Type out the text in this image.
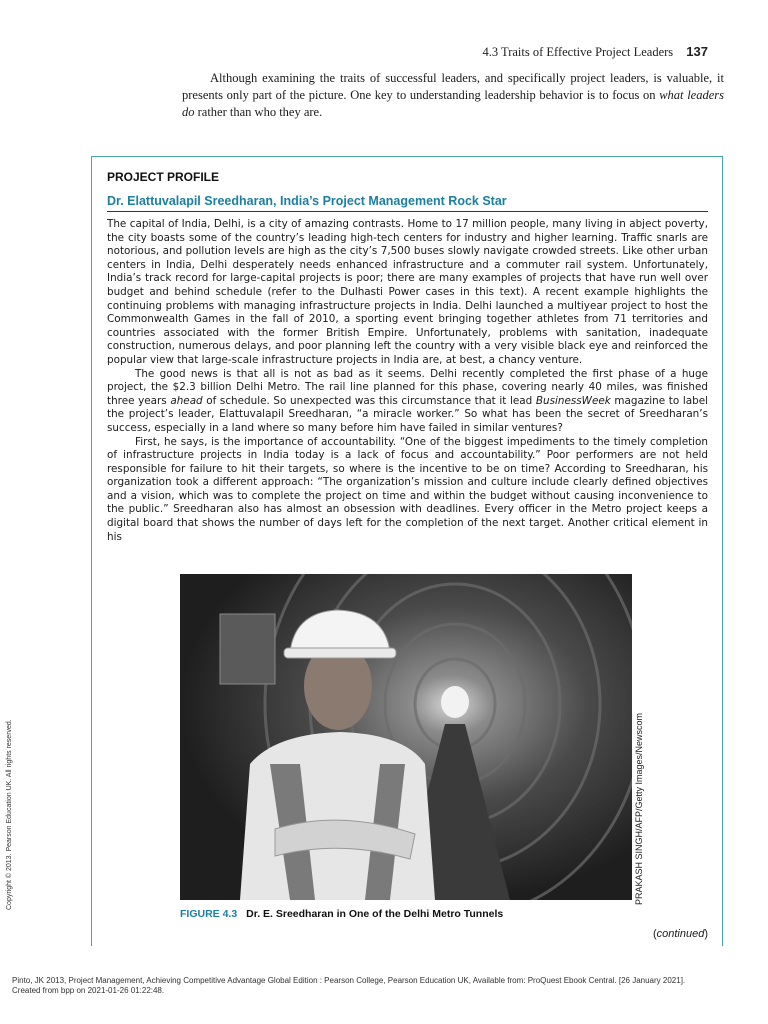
4.3 Traits of Effective Project Leaders 137

Although examining the traits of successful leaders, and specifically project leaders, is valuable, it presents only part of the picture. One key to understanding leadership behavior is to focus on what leaders do rather than who they are.

PROJECT PROFILE
Dr. Elattuvalapil Sreedharan, India’s Project Management Rock Star

The capital of India, Delhi, is a city of amazing contrasts. Home to 17 million people, many living in abject poverty, the city boasts some of the country’s leading high-tech centers for industry and higher learning. Traffic snarls are notorious, and pollution levels are high as the city’s 7,500 buses slowly navigate crowded streets. Like other urban centers in India, Delhi desperately needs enhanced infrastructure and a commuter rail system. Unfortunately, India’s track record for large-capital projects is poor; there are many examples of projects that have run well over budget and behind schedule (refer to the Dulhasti Power cases in this text). A recent example highlights the continuing problems with managing infrastructure projects in India. Delhi launched a multiyear project to host the Commonwealth Games in the fall of 2010, a sporting event bringing together athletes from 71 territories and countries associated with the former British Empire. Unfortunately, problems with sanitation, inadequate construction, numerous delays, and poor planning left the country with a very visible black eye and reinforced the popular view that large-scale infrastructure projects in India are, at best, a chancy venture.

The good news is that all is not as bad as it seems. Delhi recently completed the first phase of a huge project, the $2.3 billion Delhi Metro. The rail line planned for this phase, covering nearly 40 miles, was finished three years ahead of schedule. So unexpected was this circumstance that it lead BusinessWeek magazine to label the project’s leader, Elattuvalapil Sreedharan, “a miracle worker.” So what has been the secret of Sreedharan’s success, especially in a land where so many before him have failed in similar ventures?

First, he says, is the importance of accountability. “One of the biggest impediments to the timely completion of infrastructure projects in India today is a lack of focus and accountability.” Poor performers are not held responsible for failure to hit their targets, so where is the incentive to be on time? According to Sreedharan, his organization took a different approach: “The organization’s mission and culture include clearly defined objectives and a vision, which was to complete the project on time and within the budget without causing inconvenience to the public.” Sreedharan also has almost an obsession with deadlines. Every officer in the Metro project keeps a digital board that shows the number of days left for the completion of the next target. Another critical element in his

PRAKASH SINGH/AFP/Getty Images/Newscom
FIGURE 4.3 Dr. E. Sreedharan in One of the Delhi Metro Tunnels
(continued)
Copyright © 2013. Pearson Education UK. All rights reserved.
Pinto, JK 2013, Project Management, Achieving Competitive Advantage Global Edition : Pearson College, Pearson Education UK, Available from: ProQuest Ebook Central. [26 January 2021].
Created from bpp on 2021-01-26 01:22:48.
